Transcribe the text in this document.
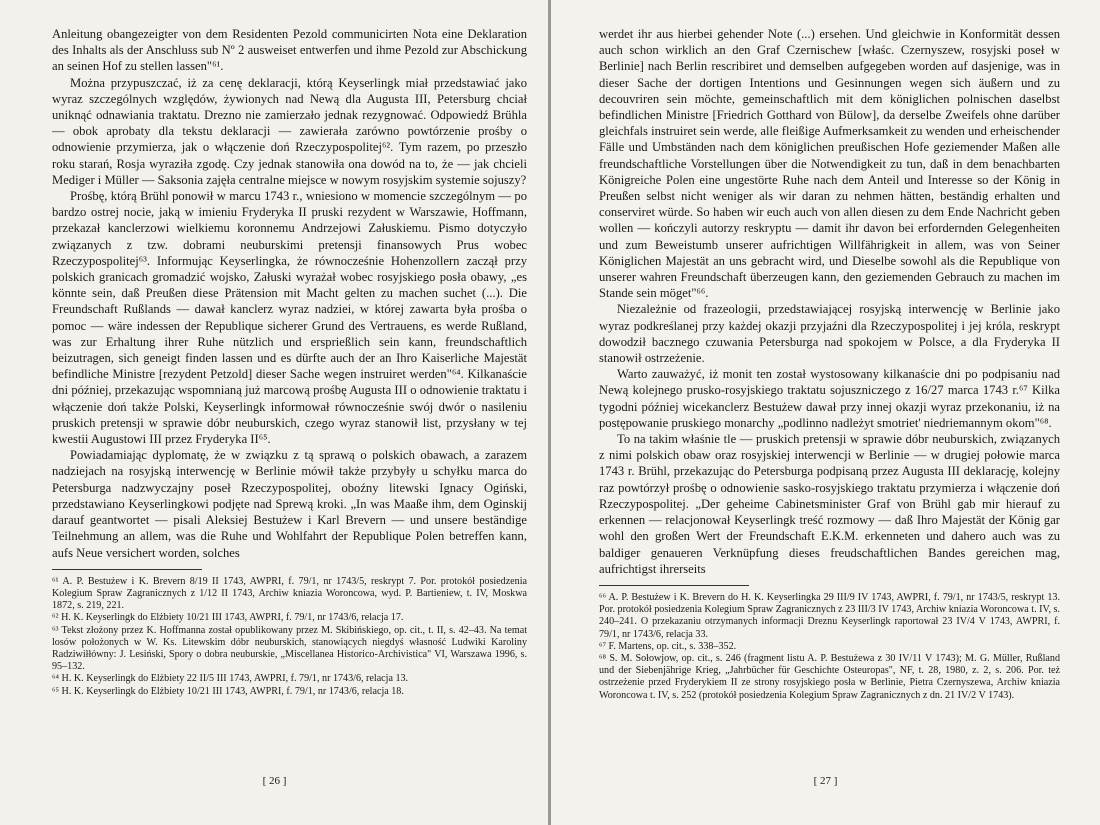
Anleitung obangezeigter von dem Residenten Pezold communicirten Nota eine Deklaration des Inhalts als der Anschluss sub Nº 2 ausweiset entwerfen und ihme Pezold zur Abschickung an seinen Hof zu stellen lassen"⁶¹.

Można przypuszczać, iż za cenę deklaracji, którą Keyserlingk miał przedstawiać jako wyraz szczególnych względów, żywionych nad Newą dla Augusta III, Petersburg chciał uniknąć odnawiania traktatu. Drezno nie zamierzało jednak rezygnować. Odpowiedź Brühla — obok aprobaty dla tekstu deklaracji — zawierała zarówno powtórzenie prośby o odnowienie przymierza, jak o włączenie doń Rzeczypospolitej⁶². Tym razem, po przeszło roku starań, Rosja wyraziła zgodę. Czy jednak stanowiła ona dowód na to, że — jak chcieli Mediger i Müller — Saksonia zajęła centralne miejsce w nowym rosyjskim systemie sojuszy?

Prośbę, którą Brühl ponowił w marcu 1743 r., wniesiono w momencie szczególnym — po bardzo ostrej nocie, jaką w imieniu Fryderyka II pruski rezydent w Warszawie, Hoffmann, przekazał kanclerzowi wielkiemu koronnemu Andrzejowi Załuskiemu. Pismo dotyczyło związanych z tzw. dobrami neuburskimi pretensji finansowych Prus wobec Rzeczypospolitej⁶³. Informując Keyserlingka, że równocześnie Hohenzollern zaczął przy polskich granicach gromadzić wojsko, Załuski wyrażał wobec rosyjskiego posła obawy, „es könnte sein, daß Preußen diese Prätension mit Macht gelten zu machen suchet (...). Die Freundschaft Rußlands — dawał kanclerz wyraz nadziei, w której zawarta była prośba o pomoc — wäre indessen der Republique sicherer Grund des Vertrauens, es werde Rußland, was zur Erhaltung ihrer Ruhe nützlich und ersprießlich sein kann, freundschaftlich beizutragen, sich geneigt finden lassen und es dürfte auch der an Ihro Kaiserliche Majestät befindliche Ministre [rezydent Petzold] dieser Sache wegen instruiret werden"⁶⁴. Kilkanaście dni później, przekazując wspomnianą już marcową prośbę Augusta III o odnowienie traktatu i włączenie doń także Polski, Keyserlingk informował równocześnie swój dwór o nasileniu pruskich pretensji w sprawie dóbr neuburskich, czego wyraz stanowił list, przysłany w tej kwestii Augustowi III przez Fryderyka II⁶⁵.

Powiadamiając dyplomatę, że w związku z tą sprawą o polskich obawach, a zarazem nadziejach na rosyjską interwencję w Berlinie mówił także przybyły u schyłku marca do Petersburga nadzwyczajny poseł Rzeczypospolitej, oboźny litewski Ignacy Ogiński, przedstawiano Keyserlingkowi podjęte nad Sprewą kroki. „In was Maaße ihm, dem Oginskij darauf geantwortet — pisali Aleksiej Bestużew i Karl Brevern — und unsere beständige Teilnehmung an allem, was die Ruhe und Wohlfahrt der Republique Polen betreffen kann, aufs Neue versichert worden, solches

⁶¹ A. P. Bestużew i K. Brevern 8/19 II 1743, AWPRI, f. 79/1, nr 1743/5, reskrypt 7. Por. protokół posiedzenia Kolegium Spraw Zagranicznych z 1/12 II 1743, Archiw kniazia Woroncowa, wyd. P. Bartieniew, t. IV, Moskwa 1872, s. 219, 221.

⁶² H. K. Keyserlingk do Elżbiety 10/21 III 1743, AWPRI, f. 79/1, nr 1743/6, relacja 17.

⁶³ Tekst złożony przez K. Hoffmanna został opublikowany przez M. Skibińskiego, op. cit., t. II, s. 42–43. Na temat losów położonych w W. Ks. Litewskim dóbr neuburskich, stanowiących niegdyś własność Ludwiki Karoliny Radziwiłłówny: J. Lesiński, Spory o dobra neuburskie, „Miscellanea Historico-Archivistica" VI, Warszawa 1996, s. 95–132.

⁶⁴ H. K. Keyserlingk do Elżbiety 22 II/5 III 1743, AWPRI, f. 79/1, nr 1743/6, relacja 13.

⁶⁵ H. K. Keyserlingk do Elżbiety 10/21 III 1743, AWPRI, f. 79/1, nr 1743/6, relacja 18.

[ 26 ]

werdet ihr aus hierbei gehender Note (...) ersehen. Und gleichwie in Konformität dessen auch schon wirklich an den Graf Czernischew [właśc. Czernyszew, rosyjski poseł w Berlinie] nach Berlin rescribiret und demselben aufgegeben worden auf dasjenige, was in dieser Sache der dortigen Intentions und Gesinnungen wegen sich äußern und zu decouvriren sein möchte, gemeinschaftlich mit dem königlichen polnischen daselbst befindlichen Ministre [Friedrich Gotthard von Bülow], da derselbe Zweifels ohne darüber gleichfals instruiret sein werde, alle fleißige Aufmerksamkeit zu wenden und erheischender Fälle und Umbständen nach dem königlichen preußischen Hofe geziemender Maßen alle freundschaftliche Vorstellungen über die Notwendigkeit zu tun, daß in dem benachbarten Königreiche Polen eine ungestörte Ruhe nach dem Anteil und Interesse so der König in Preußen selbst nicht weniger als wir daran zu nehmen hätten, beständig erhalten und conserviret würde. So haben wir euch auch von allen diesen zu dem Ende Nachricht geben wollen — kończyli autorzy reskryptu — damit ihr davon bei erfordernden Gelegenheiten und zum Beweistumb unserer aufrichtigen Willfährigkeit in allem, was von Seiner Königlichen Majestät an uns gebracht wird, und Dieselbe sowohl als die Republique von unserer wahren Freundschaft überzeugen kann, den geziemenden Gebrauch zu machen im Stande sein möget"⁶⁶.

Niezależnie od frazeologii, przedstawiającej rosyjską interwencję w Berlinie jako wyraz podkreślanej przy każdej okazji przyjaźni dla Rzeczypospolitej i jej króla, reskrypt dowodził bacznego czuwania Petersburga nad spokojem w Polsce, a dla Fryderyka II stanowił ostrzeżenie.

Warto zauważyć, iż monit ten został wystosowany kilkanaście dni po podpisaniu nad Newą kolejnego prusko-rosyjskiego traktatu sojuszniczego z 16/27 marca 1743 r.⁶⁷ Kilka tygodni później wicekanclerz Bestużew dawał przy innej okazji wyraz przekonaniu, iż na postępowanie pruskiego monarchy „podlinno nadleżyt smotriet' niedriemannym okom"⁶⁸.

To na takim właśnie tle — pruskich pretensji w sprawie dóbr neuburskich, związanych z nimi polskich obaw oraz rosyjskiej interwencji w Berlinie — w drugiej połowie marca 1743 r. Brühl, przekazując do Petersburga podpisaną przez Augusta III deklarację, kolejny raz powtórzył prośbę o odnowienie sasko-rosyjskiego traktatu przymierza i włączenie doń Rzeczypospolitej. „Der geheime Cabinetsminister Graf von Brühl gab mir hierauf zu erkennen — relacjonował Keyserlingk treść rozmowy — daß Ihro Majestät der König gar wohl den großen Wert der Freundschaft E.K.M. erkenneten und dahero auch was zu baldiger genaueren Verknüpfung dieses freudschaftlichen Bandes gereichen mag, aufrichtigst ihrerseits

⁶⁶ A. P. Bestużew i K. Brevern do H. K. Keyserlingka 29 III/9 IV 1743, AWPRI, f. 79/1, nr 1743/5, reskrypt 13. Por. protokół posiedzenia Kolegium Spraw Zagranicznych z 23 III/3 IV 1743, Archiw kniazia Woroncowa t. IV, s. 240–241. O przekazaniu otrzymanych informacji Dreznu Keyserlingk raportował 23 IV/4 V 1743, AWPRI, f. 79/1, nr 1743/6, relacja 33.

⁶⁷ F. Martens, op. cit., s. 338–352.

⁶⁸ S. M. Sołowjow, op. cit., s. 246 (fragment listu A. P. Bestużewa z 30 IV/11 V 1743); M. G. Müller, Rußland und der Siebenjährige Krieg, „Jahrbücher für Geschichte Osteuropas", NF, t. 28, 1980, z. 2, s. 206. Por. też ostrzeżenie przed Fryderykiem II ze strony rosyjskiego posła w Berlinie, Pietra Czernyszewa, Archiw kniazia Woroncowa t. IV, s. 252 (protokół posiedzenia Kolegium Spraw Zagranicznych z dn. 21 IV/2 V 1743).

[ 27 ]
